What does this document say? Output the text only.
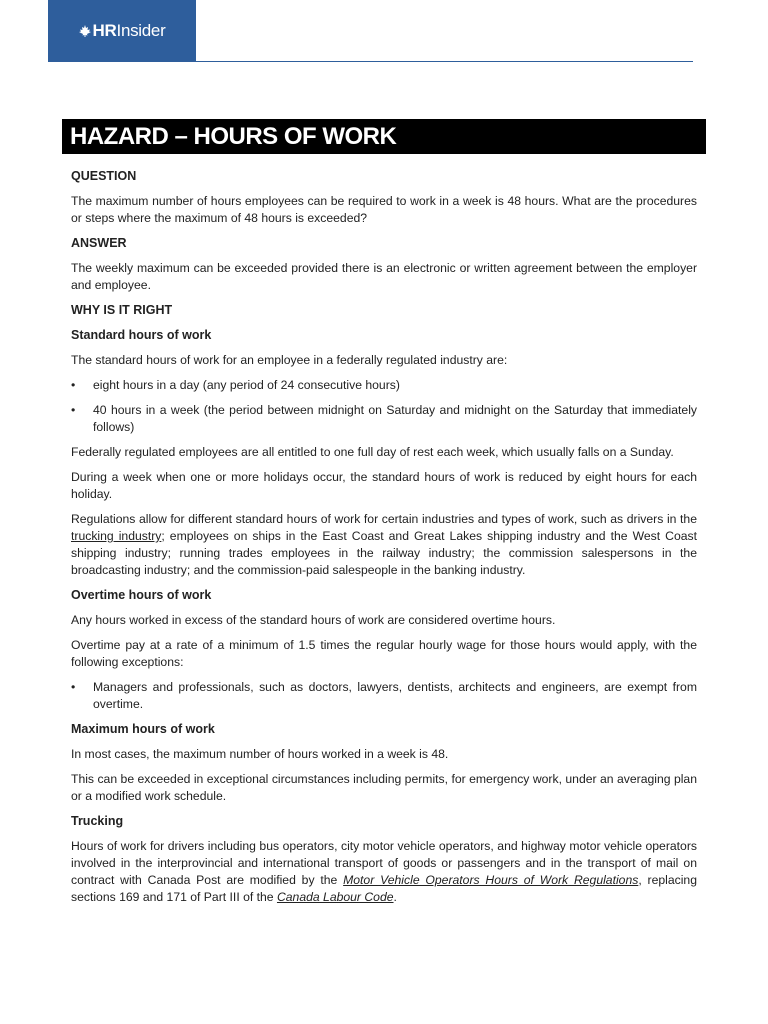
HR Insider
HAZARD – HOURS OF WORK
QUESTION

The maximum number of hours employees can be required to work in a week is 48 hours. What are the procedures or steps where the maximum of 48 hours is exceeded?

ANSWER

The weekly maximum can be exceeded provided there is an electronic or written agreement between the employer and employee.

WHY IS IT RIGHT
Standard hours of work

The standard hours of work for an employee in a federally regulated industry are:

• eight hours in a day (any period of 24 consecutive hours)
• 40 hours in a week (the period between midnight on Saturday and midnight on the Saturday that immediately follows)

Federally regulated employees are all entitled to one full day of rest each week, which usually falls on a Sunday.

During a week when one or more holidays occur, the standard hours of work is reduced by eight hours for each holiday.

Regulations allow for different standard hours of work for certain industries and types of work, such as drivers in the trucking industry; employees on ships in the East Coast and Great Lakes shipping industry and the West Coast shipping industry; running trades employees in the railway industry; the commission salespersons in the broadcasting industry; and the commission-paid salespeople in the banking industry.

Overtime hours of work

Any hours worked in excess of the standard hours of work are considered overtime hours.

Overtime pay at a rate of a minimum of 1.5 times the regular hourly wage for those hours would apply, with the following exceptions:

• Managers and professionals, such as doctors, lawyers, dentists, architects and engineers, are exempt from overtime.
Maximum hours of work

In most cases, the maximum number of hours worked in a week is 48.

This can be exceeded in exceptional circumstances including permits, for emergency work, under an averaging plan or a modified work schedule.

Trucking

Hours of work for drivers including bus operators, city motor vehicle operators, and highway motor vehicle operators involved in the interprovincial and international transport of goods or passengers and in the transport of mail on contract with Canada Post are modified by the Motor Vehicle Operators Hours of Work Regulations, replacing sections 169 and 171 of Part III of the Canada Labour Code.
